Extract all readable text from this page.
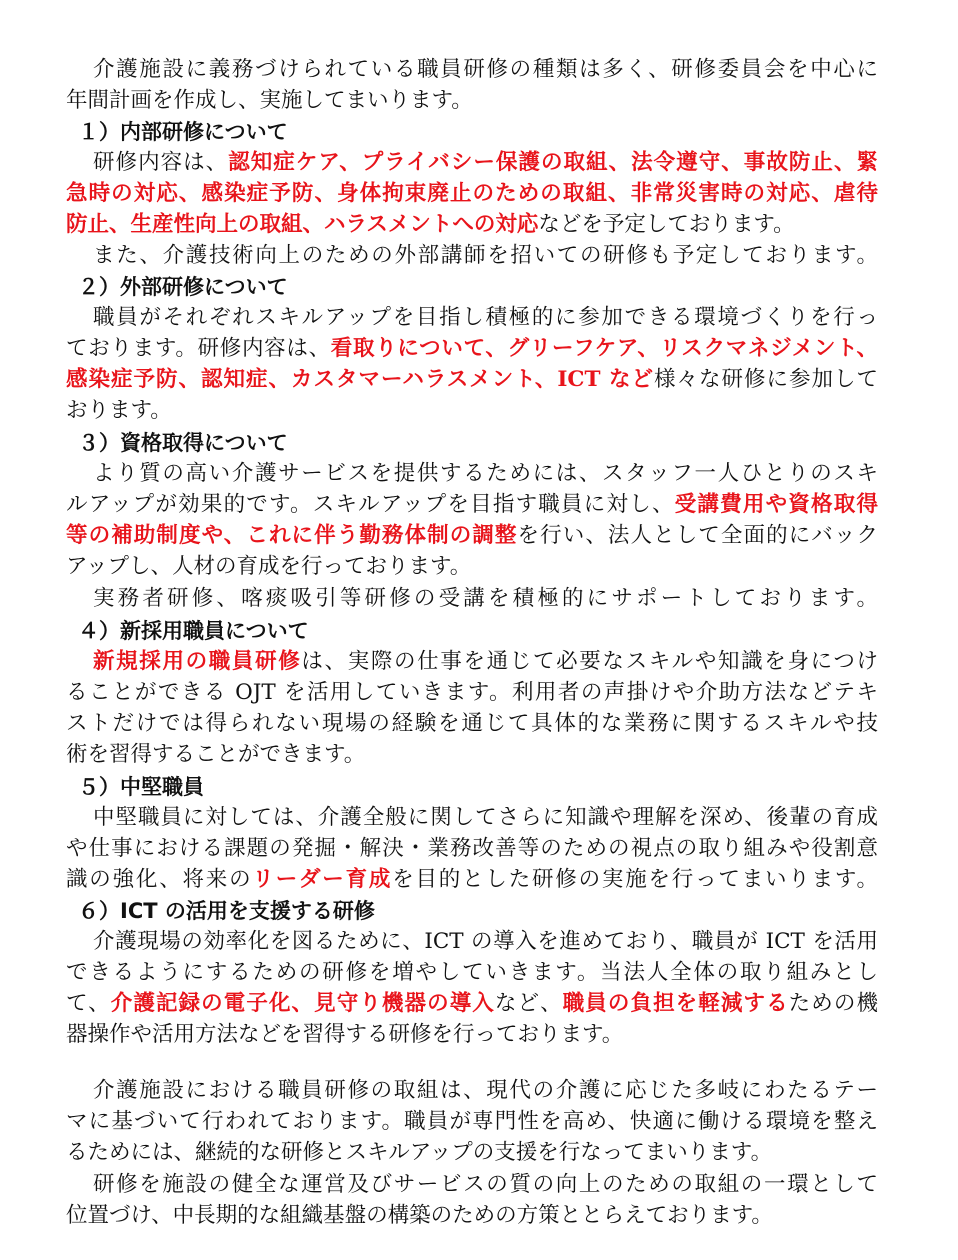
介護施設に義務づけられている職員研修の種類は多く、研修委員会を中心に
年間計画を作成し、実施してまいります。
１）内部研修について
研修内容は、認知症ケア、プライバシー保護の取組、法令遵守、事故防止、緊
急時の対応、感染症予防、身体拘束廃止のための取組、非常災害時の対応、虐待
防止、生産性向上の取組、ハラスメントへの対応などを予定しております。
また、介護技術向上のための外部講師を招いての研修も予定しております。
２）外部研修について
職員がそれぞれスキルアップを目指し積極的に参加できる環境づくりを行っ
ております。研修内容は、看取りについて、グリーフケア、リスクマネジメント、
感染症予防、認知症、カスタマーハラスメント、ICT など様々な研修に参加して
おります。
３）資格取得について
より質の高い介護サービスを提供するためには、スタッフ一人ひとりのスキ
ルアップが効果的です。スキルアップを目指す職員に対し、受講費用や資格取得
等の補助制度や、これに伴う勤務体制の調整を行い、法人として全面的にバック
アップし、人材の育成を行っております。
実務者研修、喀痰吸引等研修の受講を積極的にサポートしております。
４）新採用職員について
新規採用の職員研修は、実際の仕事を通じて必要なスキルや知識を身につけ
ることができる OJT を活用していきます。利用者の声掛けや介助方法などテキ
ストだけでは得られない現場の経験を通じて具体的な業務に関するスキルや技
術を習得することができます。
５）中堅職員
中堅職員に対しては、介護全般に関してさらに知識や理解を深め、後輩の育成
や仕事における課題の発掘・解決・業務改善等のための視点の取り組みや役割意
識の強化、将来のリーダー育成を目的とした研修の実施を行ってまいります。
６）ICT の活用を支援する研修
介護現場の効率化を図るために、ICT の導入を進めており、職員が ICT を活用
できるようにするための研修を増やしていきます。当法人全体の取り組みとし
て、介護記録の電子化、見守り機器の導入など、職員の負担を軽減するための機
器操作や活用方法などを習得する研修を行っております。
介護施設における職員研修の取組は、現代の介護に応じた多岐にわたるテー
マに基づいて行われております。職員が専門性を高め、快適に働ける環境を整え
るためには、継続的な研修とスキルアップの支援を行なってまいります。
研修を施設の健全な運営及びサービスの質の向上のための取組の一環として
位置づけ、中長期的な組織基盤の構築のための方策ととらえております。
